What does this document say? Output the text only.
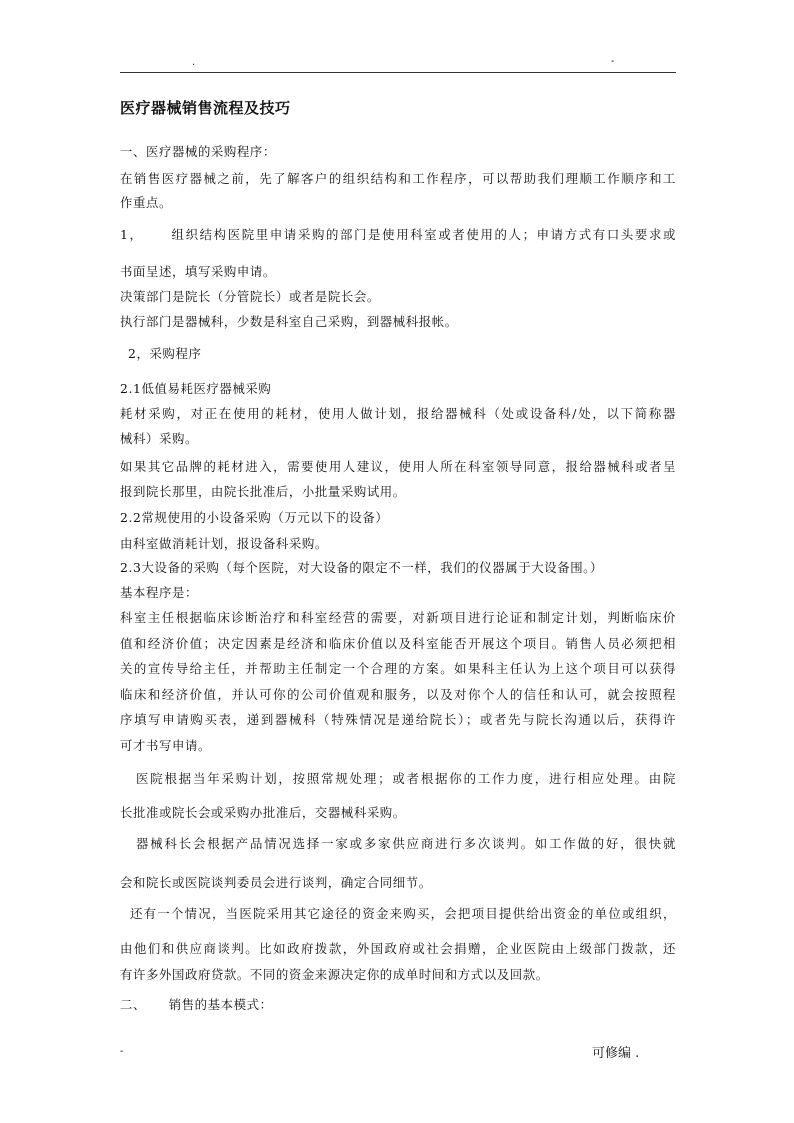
.	-
医疗器械销售流程及技巧
一、医疗器械的采购程序：
在销售医疗器械之前，先了解客户的组织结构和工作程序，可以帮助我们理顺工作顺序和工
作重点。
1，     组织结构医院里申请采购的部门是使用科室或者使用的人；申请方式有口头要求或
书面呈述，填写采购申请。
决策部门是院长（分管院长）或者是院长会。
执行部门是器械科，少数是科室自己采购，到器械科报帐。
2，采购程序
2.1低值易耗医疗器械采购
耗材采购，对正在使用的耗材，使用人做计划，报给器械科（处或设备科/处，以下简称器
械科）采购。
如果其它品牌的耗材进入，需要使用人建议，使用人所在科室领导同意，报给器械科或者呈
报到院长那里，由院长批准后，小批量采购试用。
2.2常规使用的小设备采购（万元以下的设备）
由科室做消耗计划，报设备科采购。
2.3大设备的采购（每个医院，对大设备的限定不一样，我们的仪器属于大设备围。）
基本程序是：
科室主任根据临床诊断治疗和科室经营的需要，对新项目进行论证和制定计划，判断临床价
值和经济价值；决定因素是经济和临床价值以及科室能否开展这个项目。销售人员必须把相
关的宣传导给主任，并帮助主任制定一个合理的方案。如果科主任认为上这个项目可以获得
临床和经济价值，并认可你的公司价值观和服务，以及对你个人的信任和认可，就会按照程
序填写申请购买表，递到器械科（特殊情况是递给院长）；或者先与院长沟通以后，获得许
可才书写申请。
医院根据当年采购计划，按照常规处理；或者根据你的工作力度，进行相应处理。由院
长批准或院长会或采购办批准后，交器械科采购。
器械科长会根据产品情况选择一家或多家供应商进行多次谈判。如工作做的好，很快就
会和院长或医院谈判委员会进行谈判，确定合同细节。
还有一个情况，当医院采用其它途径的资金来购买，会把项目提供给出资金的单位或组织，
由他们和供应商谈判。比如政府拨款，外国政府或社会捐赠，企业医院由上级部门拨款，还
有许多外国政府贷款。不同的资金来源决定你的成单时间和方式以及回款。
二、     销售的基本模式：
-	可修编 .
